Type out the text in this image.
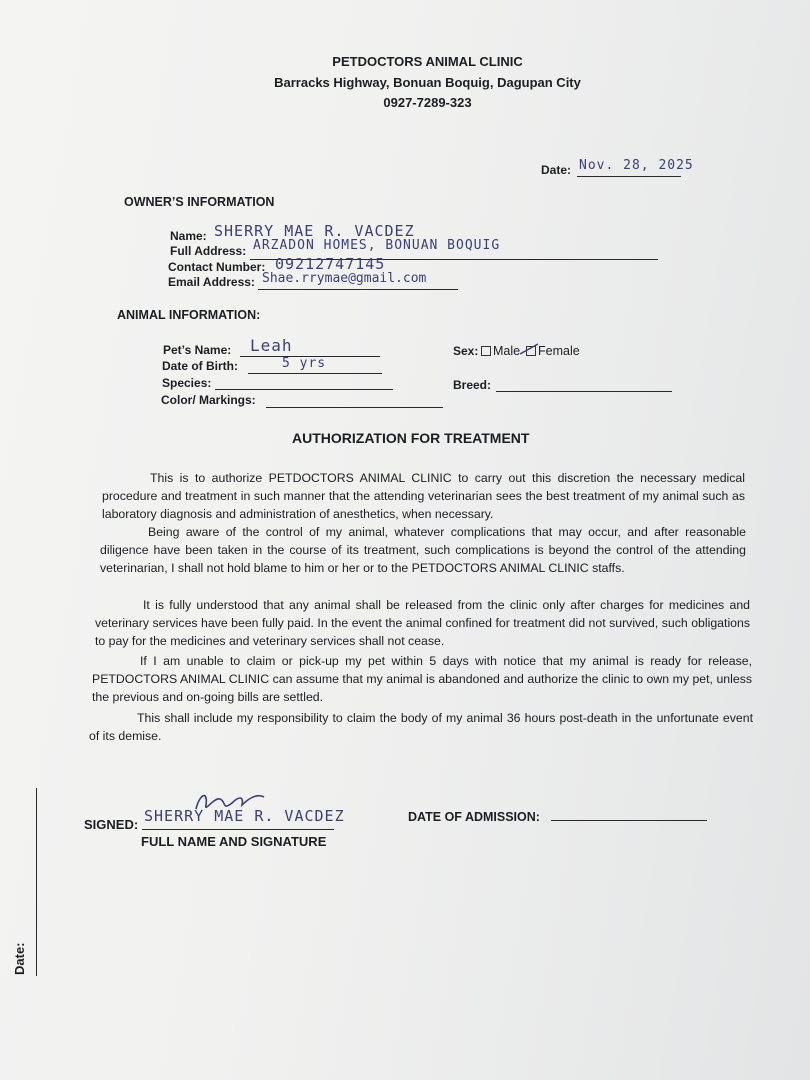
PETDOCTORS ANIMAL CLINIC
Barracks Highway, Bonuan Boquig, Dagupan City
0927-7289-323
Date: Nov. 28, 2025
OWNER’S INFORMATION
Name: SHERRY MAE R. VACDEZ
Full Address: ARZADON HOMES, BONUAN BOQUIG
Contact Number: 09212747145
Email Address: Shae.rrymae@gmail.com
ANIMAL INFORMATION:
Pet’s Name: Leah
Date of Birth:	5 yrs
Species:
Color/ Markings:
Sex: Male Female
Breed:
AUTHORIZATION FOR TREATMENT

This is to authorize PETDOCTORS ANIMAL CLINIC to carry out this discretion the necessary medical procedure and treatment in such manner that the attending veterinarian sees the best treatment of my animal such as laboratory diagnosis and administration of anesthetics, when necessary.

Being aware of the control of my animal, whatever complications that may occur, and after reasonable diligence have been taken in the course of its treatment, such complications is beyond the control of the attending veterinarian, I shall not hold blame to him or her or to the PETDOCTORS ANIMAL CLINIC staffs.

It is fully understood that any animal shall be released from the clinic only after charges for medicines and veterinary services have been fully paid. In the event the animal confined for treatment did not survived, such obligations to pay for the medicines and veterinary services shall not cease.

If I am unable to claim or pick-up my pet within 5 days with notice that my animal is ready for release, PETDOCTORS ANIMAL CLINIC can assume that my animal is abandoned and authorize the clinic to own my pet, unless the previous and on-going bills are settled.

This shall include my responsibility to claim the body of my animal 36 hours post-death in the unfortunate event of its demise.

SIGNED: SHERRY MAE R. VACDEZ
FULL NAME AND SIGNATURE
DATE OF ADMISSION:
Date:
